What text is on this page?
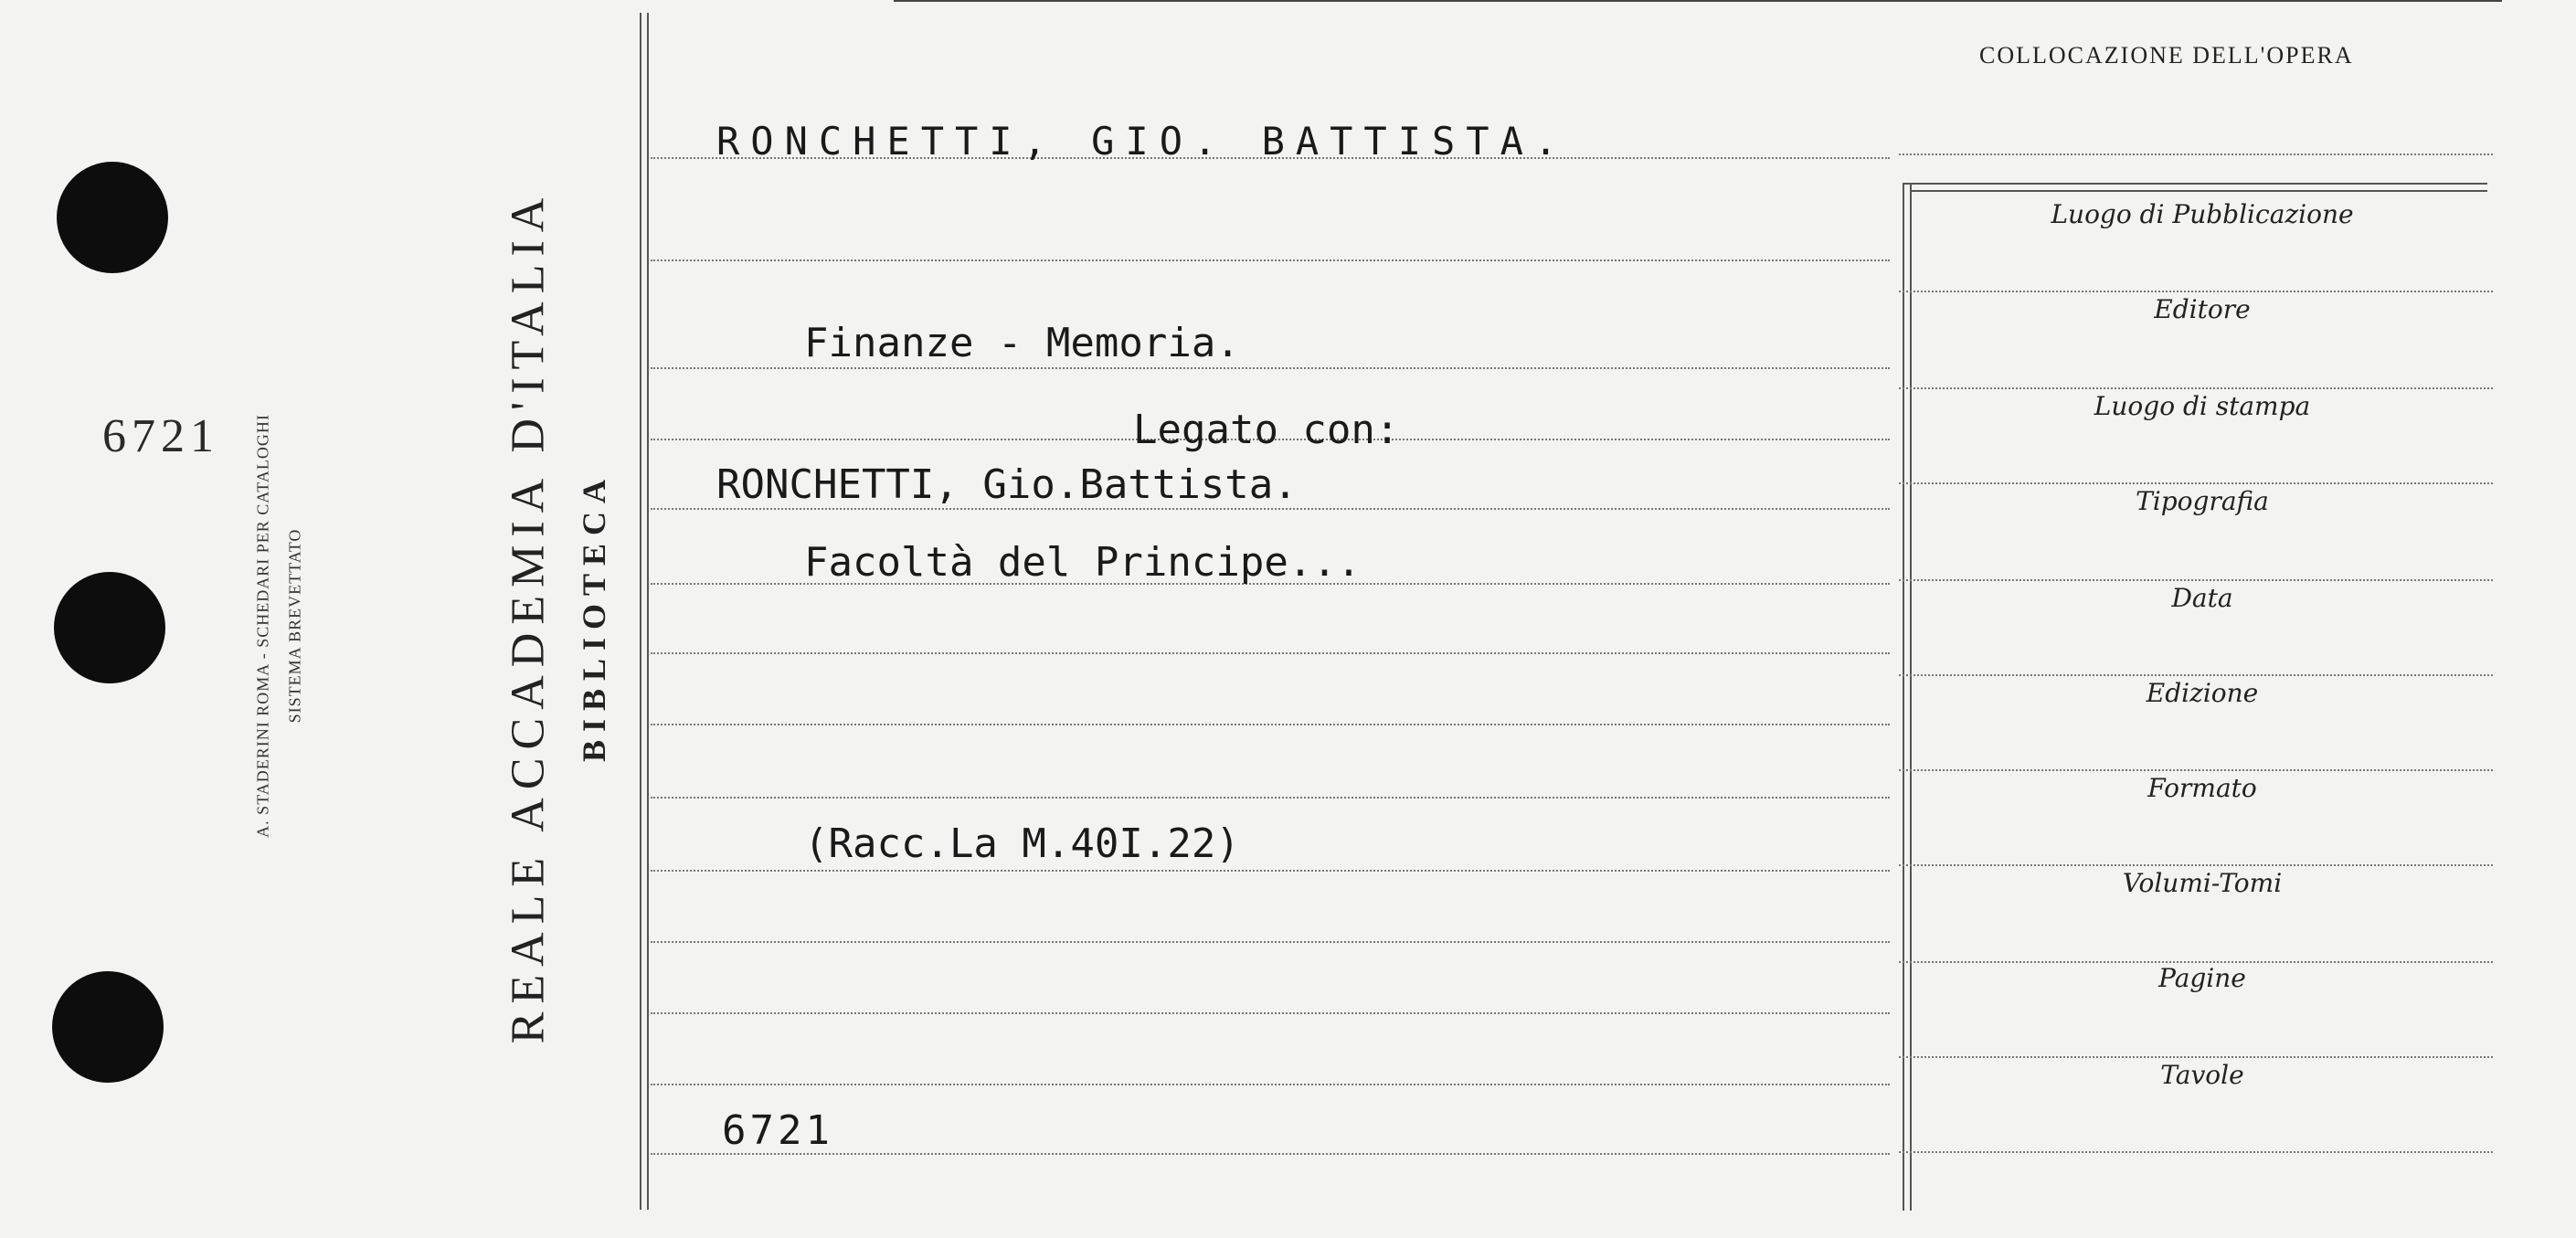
6721 A. STADERINI ROMA - SCHEDARI PER CATALOGHI SISTEMA BREVETTATO	REALE ACCADEMIA D'ITALIA BIBLIOTECA
RONCHETTI, GIO. BATTISTA.
Finanze - Memoria.
Legato con:
RONCHETTI, Gio.Battista.
Facoltà del Principe...
(Racc.La M.40I.22)
6721
COLLOCAZIONE DELL'OPERA
Luogo di Pubblicazione
Editore
Luogo di stampa
Tipografia
Data
Edizione
Formato
Volumi-Tomi
Pagine
Tavole
